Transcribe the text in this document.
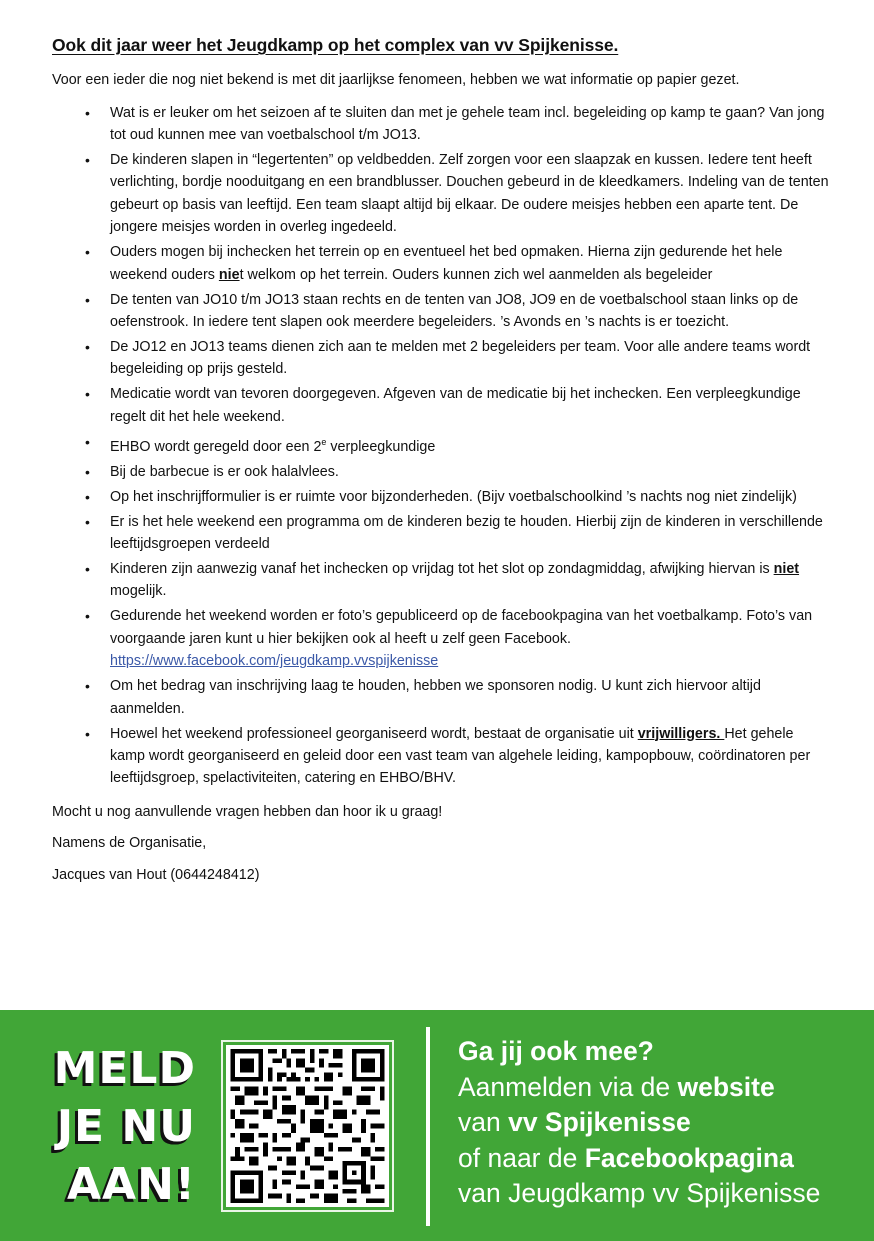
Ook dit jaar weer het Jeugdkamp op het complex van vv Spijkenisse.

Voor een ieder die nog niet bekend is met dit jaarlijkse fenomeen, hebben we wat informatie op papier gezet.

• Wat is er leuker om het seizoen af te sluiten dan met je gehele team incl. begeleiding op kamp te gaan? Van jong tot oud kunnen mee van voetbalschool t/m JO13.
• De kinderen slapen in “legertenten” op veldbedden. Zelf zorgen voor een slaapzak en kussen. Iedere tent heeft verlichting, bordje nooduitgang en een brandblusser. Douchen gebeurd in de kleedkamers. Indeling van de tenten gebeurt op basis van leeftijd. Een team slaapt altijd bij elkaar. De oudere meisjes hebben een aparte tent. De jongere meisjes worden in overleg ingedeeld.
• Ouders mogen bij inchecken het terrein op en eventueel het bed opmaken. Hierna zijn gedurende het hele weekend ouders niet welkom op het terrein. Ouders kunnen zich wel aanmelden als begeleider
• De tenten van JO10 t/m JO13 staan rechts en de tenten van JO8, JO9 en de voetbalschool staan links op de oefenstrook. In iedere tent slapen ook meerdere begeleiders. ’s Avonds en ’s nachts is er toezicht.
• De JO12 en JO13 teams dienen zich aan te melden met 2 begeleiders per team. Voor alle andere teams wordt begeleiding op prijs gesteld.
• Medicatie wordt van tevoren doorgegeven. Afgeven van de medicatie bij het inchecken. Een verpleegkundige regelt dit het hele weekend.
• EHBO wordt geregeld door een 2e verpleegkundige
• Bij de barbecue is er ook halalvlees.
• Op het inschrijfformulier is er ruimte voor bijzonderheden. (Bijv voetbalschoolkind ’s nachts nog niet zindelijk)
• Er is het hele weekend een programma om de kinderen bezig te houden. Hierbij zijn de kinderen in verschillende leeftijdsgroepen verdeeld
• Kinderen zijn aanwezig vanaf het inchecken op vrijdag tot het slot op zondagmiddag, afwijking hiervan is niet mogelijk.
• Gedurende het weekend worden er foto’s gepubliceerd op de facebookpagina van het voetbalkamp. Foto’s van voorgaande jaren kunt u hier bekijken ook al heeft u zelf geen Facebook.
https://www.facebook.com/jeugdkamp.vvspijkenisse
• Om het bedrag van inschrijving laag te houden, hebben we sponsoren nodig. U kunt zich hiervoor altijd aanmelden.
• Hoewel het weekend professioneel georganiseerd wordt, bestaat de organisatie uit vrijwilligers. Het gehele kamp wordt georganiseerd en geleid door een vast team van algehele leiding, kampopbouw, coördinatoren per leeftijdsgroep, spelactiviteiten, catering en EHBO/BHV.

Mocht u nog aanvullende vragen hebben dan hoor ik u graag!

Namens de Organisatie,

Jacques van Hout (0644248412)

MELD
JE NU
AAN!
Ga jij ook mee?
Aanmelden via de website
van vv Spijkenisse
of naar de Facebookpagina
van Jeugdkamp vv Spijkenisse
